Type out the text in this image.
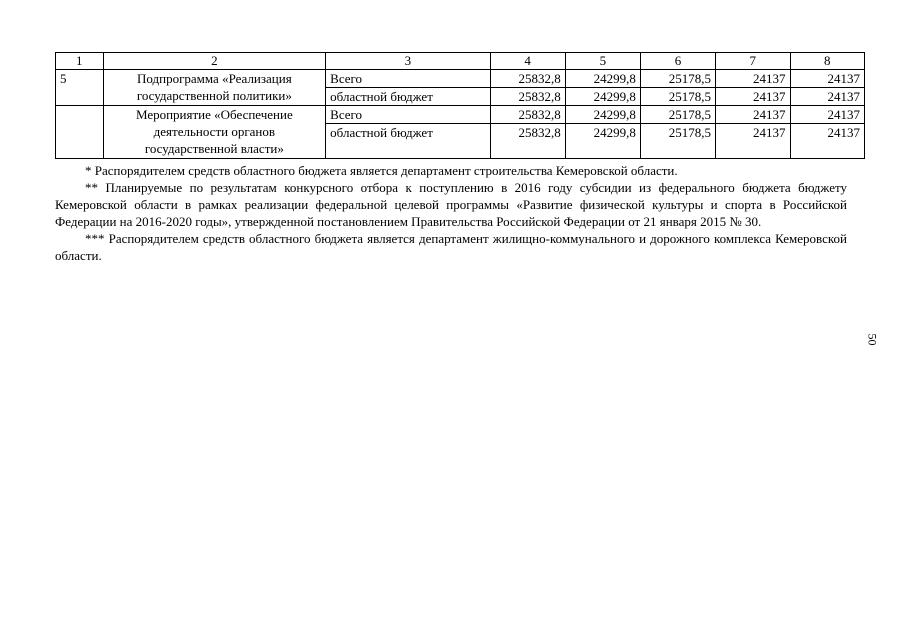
1	2	3	4	5	6	7	8
5	Подпрограмма «Реализация государственной политики»	Всего	25832,8	24299,8	25178,5	24137	24137
		областной бюджет	25832,8	24299,8	25178,5	24137	24137
	Мероприятие «Обеспечение деятельности органов государственной власти»	Всего	25832,8	24299,8	25178,5	24137	24137
		областной бюджет	25832,8	24299,8	25178,5	24137	24137

* Распорядителем средств областного бюджета является департамент строительства Кемеровской области.

** Планируемые по результатам конкурсного отбора к поступлению в 2016 году субсидии из федерального бюджета бюджету Кемеровской области в рамках реализации федеральной целевой программы «Развитие физической культуры и спорта в Российской Федерации на 2016-2020 годы», утвержденной постановлением Правительства Российской Федерации от 21 января 2015 № 30.

*** Распорядителем средств областного бюджета является департамент жилищно-коммунального и дорожного комплекса Кемеровской области.

50
